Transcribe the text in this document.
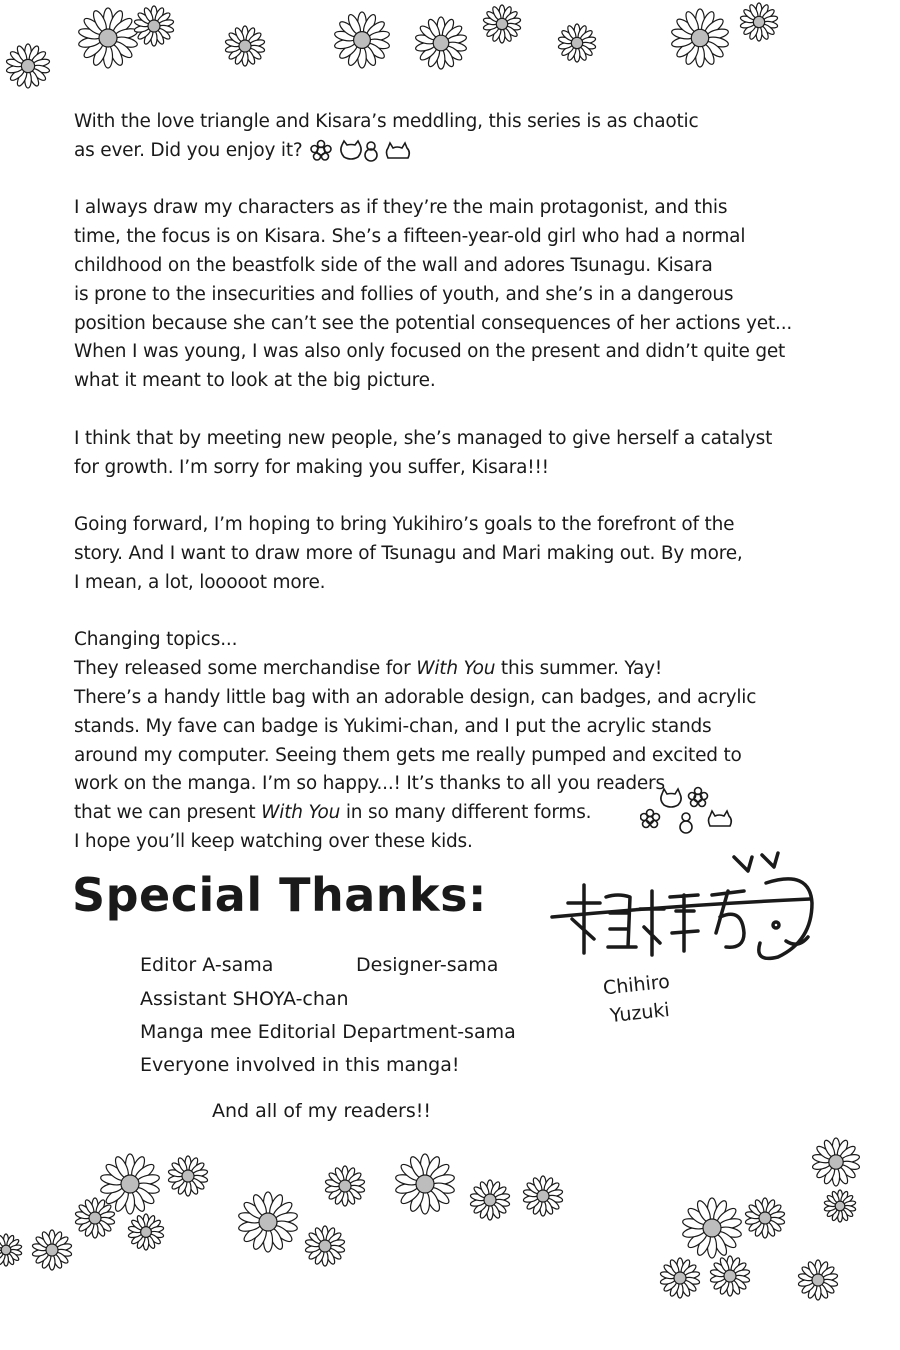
With the love triangle and Kisara’s meddling, this series is as chaotic
as ever. Did you enjoy it?

I always draw my characters as if they’re the main protagonist, and this
time, the focus is on Kisara. She’s a fifteen-year-old girl who had a normal
childhood on the beastfolk side of the wall and adores Tsunagu. Kisara
is prone to the insecurities and follies of youth, and she’s in a dangerous
position because she can’t see the potential consequences of her actions yet...
When I was young, I was also only focused on the present and didn’t quite get
what it meant to look at the big picture.

I think that by meeting new people, she’s managed to give herself a catalyst
for growth. I’m sorry for making you suffer, Kisara!!!

Going forward, I’m hoping to bring Yukihiro’s goals to the forefront of the
story. And I want to draw more of Tsunagu and Mari making out. By more,
I mean, a lot, looooot more.

Changing topics...
They released some merchandise for With You this summer. Yay!
There’s a handy little bag with an adorable design, can badges, and acrylic
stands. My fave can badge is Yukimi-chan, and I put the acrylic stands
around my computer. Seeing them gets me really pumped and excited to
work on the manga. I’m so happy...! It’s thanks to all you readers
that we can present With You in so many different forms.
I hope you’ll keep watching over these kids.

Special Thanks:
Editor A-sama	Designer-sama
Assistant SHOYA-chan
Manga mee Editorial Department-sama
Everyone involved in this manga!
And all of my readers!!
Chihiro
Yuzuki
